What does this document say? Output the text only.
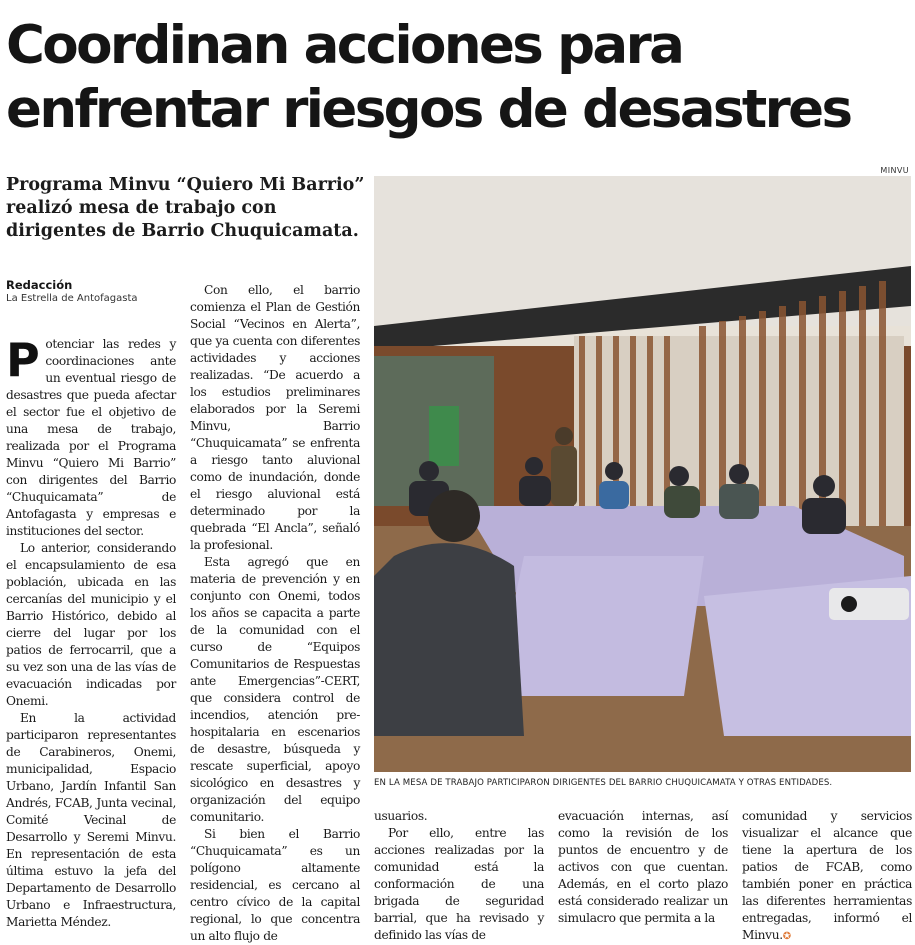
Coordinan acciones para
enfrentar riesgos de desastres
MINVU
Programa Minvu “Quiero Mi Barrio”
realizó mesa de trabajo con
dirigentes de Barrio Chuquicamata.
Redacción
La Estrella de Antofagasta

Potenciar las redes y coordinaciones ante un eventual riesgo de desastres que pueda afectar el sector fue el objetivo de una mesa de trabajo, realizada por el Programa Minvu “Quiero Mi Barrio” con dirigentes del Barrio “Chuquicamata” de Antofagasta y empresas e instituciones del sector.

Lo anterior, considerando el encapsulamiento de esa población, ubicada en las cercanías del municipio y el Barrio Histórico, debido al cierre del lugar por los patios de ferrocarril, que a su vez son una de las vías de evacuación indicadas por Onemi.

En la actividad participaron representantes de Carabineros, Onemi, municipalidad, Espacio Urbano, Jardín Infantil San Andrés, FCAB, Junta vecinal, Comité Vecinal de Desarrollo y Seremi Minvu. En representación de esta última estuvo la jefa del Departamento de Desarrollo Urbano e Infraestructura, Marietta Méndez.

Con ello, el barrio comienza el Plan de Gestión Social “Vecinos en Alerta”, que ya cuenta con diferentes actividades y acciones realizadas. “De acuerdo a los estudios preliminares elaborados por la Seremi Minvu, Barrio “Chuquicamata” se enfrenta a riesgo tanto aluvional como de inundación, donde el riesgo aluvional está determinado por la quebrada “El Ancla”, señaló la profesional.

Esta agregó que en materia de prevención y en conjunto con Onemi, todos los años se capacita a parte de la comunidad con el curso de “Equipos Comunitarios de Respuestas ante Emergencias”-CERT, que considera control de incendios, atención pre-hospitalaria en escenarios de desastre, búsqueda y rescate superficial, apoyo sicológico en desastres y organización del equipo comunitario.

Si bien el Barrio “Chuquicamata” es un polígono altamente residencial, es cercano al centro cívico de la capital regional, lo que concentra un alto flujo de

EN LA MESA DE TRABAJO PARTICIPARON DIRIGENTES DEL BARRIO CHUQUICAMATA Y OTRAS ENTIDADES.

usuarios.

Por ello, entre las acciones realizadas por la comunidad está la conformación de una brigada de seguridad barrial, que ha revisado y definido las vías de

evacuación internas, así como la revisión de los puntos de encuentro y de activos con que cuentan. Además, en el corto plazo está considerado realizar un simulacro que permita a la

comunidad y servicios visualizar el alcance que tiene la apertura de los patios de FCAB, como también poner en práctica las diferentes herramientas entregadas, informó el Minvu.✪
